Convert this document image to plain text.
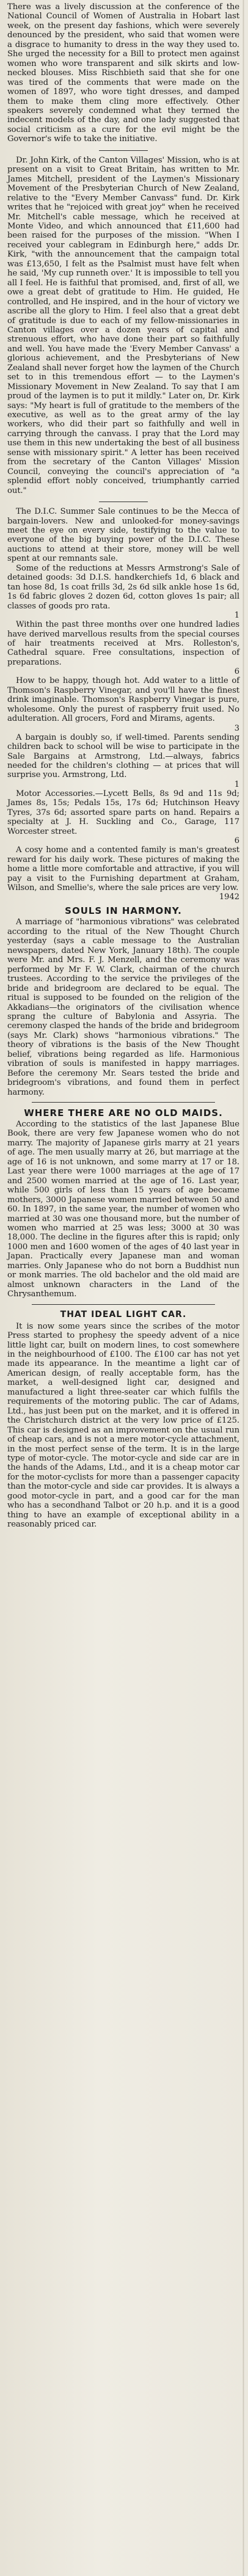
There was a lively discussion at the conference of the National Council of Women of Australia in Hobart last week, on the present day fashions, which were severely denounced by the president, who said that women were a disgrace to humanity to dress in the way they used to. She urged the necessity for a Bill to protect men against women who wore transparent and silk skirts and low-necked blouses. Miss Rischbieth said that she for one was tired of the comments that were made on the women of 1897, who wore tight dresses, and damped them to make them cling more effectively. Other speakers severely condemned what they termed the indecent models of the day, and one lady suggested that social criticism as a cure for the evil might be the Governor's wife to take the initiative.

Dr. John Kirk, of the Canton Villages' Mission, who is at present on a visit to Great Britain, has written to Mr. James Mitchell, president of the Laymen's Missionary Movement of the Presbyterian Church of New Zealand, relative to the "Every Member Canvass" fund. Dr. Kirk writes that he "rejoiced with great joy" when he received Mr. Mitchell's cable message, which he received at Monte Video, and which announced that £11,600 had been raised for the purposes of the mission. "When I received your cablegram in Edinburgh here," adds Dr. Kirk, "with the announcement that the campaign total was £13,650, I felt as the Psalmist must have felt when he said, 'My cup runneth over.' It is impossible to tell you all I feel. He is faithful that promised, and, first of all, we owe a great debt of gratitude to Him. He guided, He controlled, and He inspired, and in the hour of victory we ascribe all the glory to Him. I feel also that a great debt of gratitude is due to each of my fellow-missionaries in Canton villages over a dozen years of capital and strenuous effort, who have done their part so faithfully and well. You have made the 'Every Member Canvass' a glorious achievement, and the Presbyterians of New Zealand shall never forget how the laymen of the Church set to in this tremendous effort — to the Laymen's Missionary Movement in New Zealand. To say that I am proud of the laymen is to put it mildly." Later on, Dr. Kirk says: "My heart is full of gratitude to the members of the executive, as well as to the great army of the lay workers, who did their part so faithfully and well in carrying through the canvass. I pray that the Lord may use them in this new undertaking the best of all business sense with missionary spirit." A letter has been received from the secretary of the Canton Villages' Mission Council, conveying the council's appreciation of "a splendid effort nobly conceived, triumphantly carried out."

The D.I.C. Summer Sale continues to be the Mecca of bargain-lovers. New and unlooked-for money-savings meet the eye on every side, testifying to the value to everyone of the big buying power of the D.I.C. These auctions to attend at their store, money will be well spent at our remnants sale.

Some of the reductions at Messrs Armstrong's Sale of detained goods: 3d D.I.S. handkerchiefs 1d, 6 black and tan hose 8d, 1s coat frills 3d, 2s 6d silk ankle hose 1s 6d, 1s 6d fabric gloves 2 dozen 6d, cotton gloves 1s pair; all classes of goods pro rata.

1

Within the past three months over one hundred ladies have derived marvellous results from the special courses of hair treatments received at Mrs. Rolleston's, Cathedral square. Free consultations, inspection of preparations.

6

How to be happy, though hot. Add water to a little of Thomson's Raspberry Vinegar, and you'll have the finest drink imaginable. Thomson's Raspberry Vinegar is pure, wholesome. Only the purest of raspberry fruit used. No adulteration. All grocers, Ford and Mirams, agents.

3

A bargain is doubly so, if well-timed. Parents sending children back to school will be wise to participate in the Sale Bargains at Armstrong, Ltd.—always, fabrics needed for the children's clothing — at prices that will surprise you. Armstrong, Ltd.

1

Motor Accessories.—Lycett Bells, 8s 9d and 11s 9d; James 8s, 15s; Pedals 15s, 17s 6d; Hutchinson Heavy Tyres, 37s 6d; assorted spare parts on hand. Repairs a specialty at J. H. Suckling and Co., Garage, 117 Worcester street.

6

A cosy home and a contented family is man's greatest reward for his daily work. These pictures of making the home a little more comfortable and attractive, if you will pay a visit to the Furnishing department at Graham, Wilson, and Smellie's, where the sale prices are very low.

1942
SOULS IN HARMONY.

A marriage of "harmonious vibrations" was celebrated according to the ritual of the New Thought Church yesterday (says a cable message to the Australian newspapers, dated New York, January 18th). The couple were Mr. and Mrs. F. J. Menzell, and the ceremony was performed by Mr F. W. Clark, chairman of the church trustees. According to the service the privileges of the bride and bridegroom are declared to be equal. The ritual is supposed to be founded on the religion of the Akkadians—the originators of the civilisation whence sprang the culture of Babylonia and Assyria. The ceremony clasped the hands of the bride and bridegroom (says Mr. Clark) shows "harmonious vibrations." The theory of vibrations is the basis of the New Thought belief, vibrations being regarded as life. Harmonious vibration of souls is manifested in happy marriages. Before the ceremony Mr. Sears tested the bride and bridegroom's vibrations, and found them in perfect harmony.

WHERE THERE ARE NO OLD MAIDS.

According to the statistics of the last Japanese Blue Book, there are very few Japanese women who do not marry. The majority of Japanese girls marry at 21 years of age. The men usually marry at 26, but marriage at the age of 16 is not unknown, and some marry at 17 or 18. Last year there were 1000 marriages at the age of 17 and 2500 women married at the age of 16. Last year, while 500 girls of less than 15 years of age became mothers, 3000 Japanese women married between 50 and 60. In 1897, in the same year, the number of women who married at 30 was one thousand more, but the number of women who married at 25 was less; 3000 at 30 was 18,000. The decline in the figures after this is rapid; only 1000 men and 1600 women of the ages of 40 last year in Japan. Practically every Japanese man and woman marries. Only Japanese who do not born a Buddhist nun or monk marries. The old bachelor and the old maid are almost unknown characters in the Land of the Chrysanthemum.

THAT IDEAL LIGHT CAR.

It is now some years since the scribes of the motor Press started to prophesy the speedy advent of a nice little light car, built on modern lines, to cost somewhere in the neighbourhood of £100. The £100 car has not yet made its appearance. In the meantime a light car of American design, of really acceptable form, has the market, a well-designed light car, designed and manufactured a light three-seater car which fulfils the requirements of the motoring public. The car of Adams, Ltd., has just been put on the market, and it is offered in the Christchurch district at the very low price of £125. This car is designed as an improvement on the usual run of cheap cars, and is not a mere motor-cycle attachment, in the most perfect sense of the term. It is in the large type of motor-cycle. The motor-cycle and side car are in the hands of the Adams, Ltd., and it is a cheap motor car for the motor-cyclists for more than a passenger capacity than the motor-cycle and side car provides. It is always a good motor-cycle in part, and a good car for the man who has a secondhand Talbot or 20 h.p. and it is a good thing to have an example of exceptional ability in a reasonably priced car.
